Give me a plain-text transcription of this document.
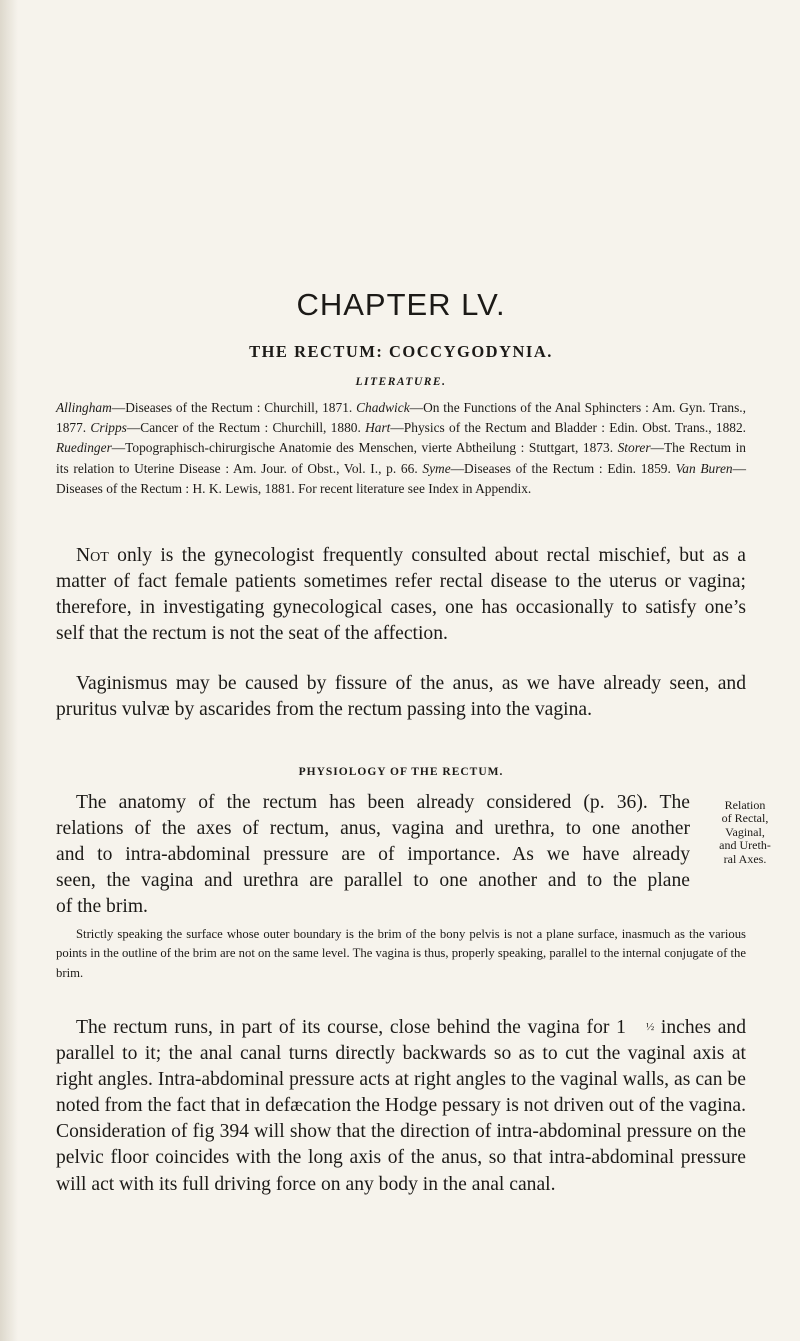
CHAPTER LV.
THE RECTUM: COCCYGODYNIA.
LITERATURE.

Allingham—Diseases of the Rectum : Churchill, 1871. Chadwick—On the Functions of the Anal Sphincters : Am. Gyn. Trans., 1877. Cripps—Cancer of the Rectum : Churchill, 1880. Hart—Physics of the Rectum and Bladder : Edin. Obst. Trans., 1882. Ruedinger—Topographisch-chirurgische Anatomie des Menschen, vierte Abtheilung : Stuttgart, 1873. Storer—The Rectum in its relation to Uterine Disease : Am. Jour. of Obst., Vol. I., p. 66. Syme—Diseases of the Rectum : Edin. 1859. Van Buren—Diseases of the Rectum : H. K. Lewis, 1881. For recent literature see Index in Appendix.

Not only is the gynecologist frequently consulted about rectal mischief, but as a matter of fact female patients sometimes refer rectal disease to the uterus or vagina; therefore, in investigating gynecological cases, one has occasionally to satisfy one’s self that the rectum is not the seat of the affection.

Vaginismus may be caused by fissure of the anus, as we have already seen, and pruritus vulvæ by ascarides from the rectum passing into the vagina.

PHYSIOLOGY OF THE RECTUM.

The anatomy of the rectum has been already considered (p. 36). The
relations of the axes of rectum, anus, vagina and urethra, to one another
and to intra-abdominal pressure are of importance. As we have already
seen, the vagina and urethra are parallel to one another and to the plane
of the brim.

Strictly speaking the surface whose outer boundary is the brim of the bony pelvis is not a plane surface, inasmuch as the various points in the outline of the brim are not on the same level. The vagina is thus, properly speaking, parallel to the internal conjugate of the brim.

The rectum runs, in part of its course, close behind the vagina for 1 ½ inches and parallel to it; the anal canal turns directly backwards so as to cut the vaginal axis at right angles. Intra-abdominal pressure acts at right angles to the vaginal walls, as can be noted from the fact that in defæcation the Hodge pessary is not driven out of the vagina. Consideration of fig 394 will show that the direction of intra-abdominal pressure on the pelvic floor coincides with the long axis of the anus, so that intra-abdominal pressure will act with its full driving force on any body in the anal canal.

Relation
of Rectal,
Vaginal,
and Ureth-
ral Axes.
